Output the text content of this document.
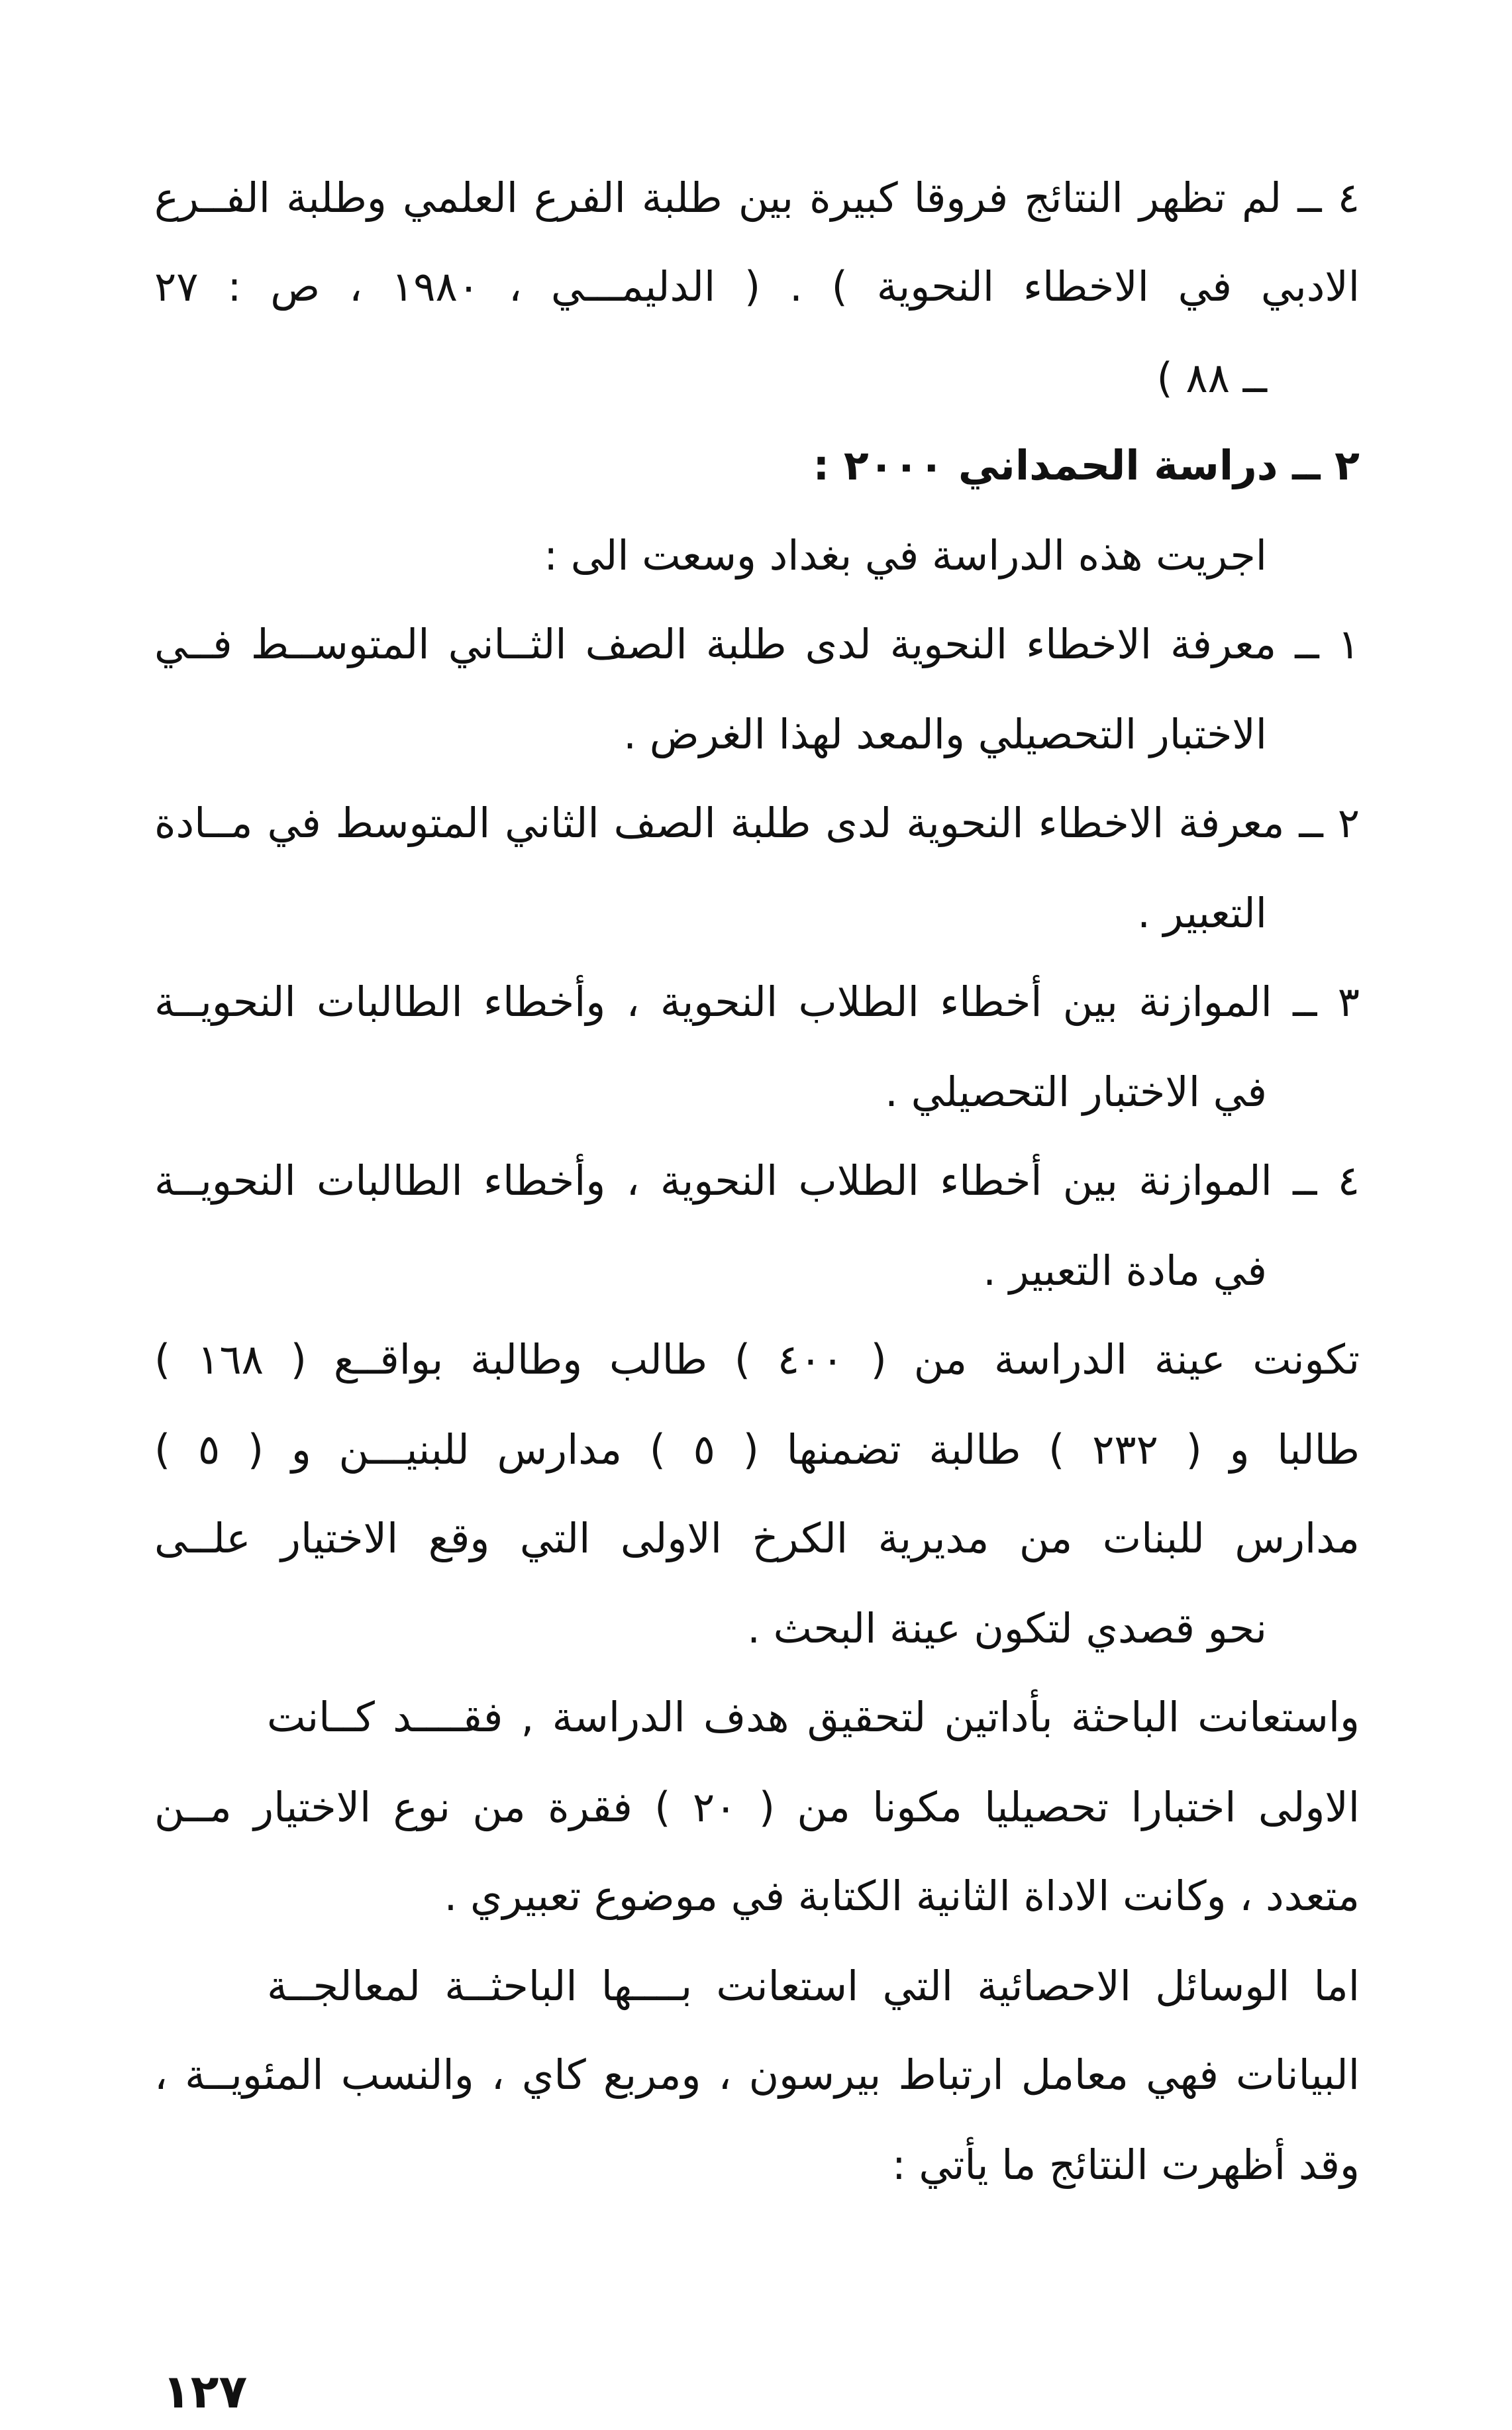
٤ ــ لم تظهر النتائج فروقا كبيرة بين طلبة الفرع العلمي وطلبة الفــرع
الادبي في الاخطاء النحوية ) . ( الدليمـــي ، ١٩٨٠ ، ص : ٢٧
ــ ٨٨ )
٢ ــ دراسة الحمداني ٢٠٠٠ :
اجريت هذه الدراسة في بغداد وسعت الى :
١ ــ معرفة الاخطاء النحوية لدى طلبة الصف الثــاني المتوســط فــي
الاختبار التحصيلي والمعد لهذا الغرض .
٢ ــ معرفة الاخطاء النحوية لدى طلبة الصف الثاني المتوسط في مــادة
التعبير .
٣ ــ الموازنة بين أخطاء الطلاب النحوية ، وأخطاء الطالبات النحويــة
في الاختبار التحصيلي .
٤ ــ الموازنة بين أخطاء الطلاب النحوية ، وأخطاء الطالبات النحويــة
في مادة التعبير .
تكونت عينة الدراسة من ( ٤٠٠ ) طالب وطالبة بواقــع ( ١٦٨ )
طالبا و ( ٢٣٢ ) طالبة تضمنها ( ٥ ) مدارس للبنيـــن و ( ٥ )
مدارس للبنات من مديرية الكرخ الاولى التي وقع الاختيار علــى
نحو قصدي لتكون عينة البحث .
واستعانت الباحثة بأداتين لتحقيق هدف الدراسة , فقــــد كــانت
الاولى اختبارا تحصيليا مكونا من ( ٢٠ ) فقرة من نوع الاختيار مــن
متعدد ، وكانت الاداة الثانية الكتابة في موضوع تعبيري .
اما الوسائل الاحصائية التي استعانت بــــها الباحثــة لمعالجــة
البيانات فهي معامل ارتباط بيرسون ، ومربع كاي ، والنسب المئويــة ،
وقد أظهرت النتائج ما يأتي :
١٢٧
